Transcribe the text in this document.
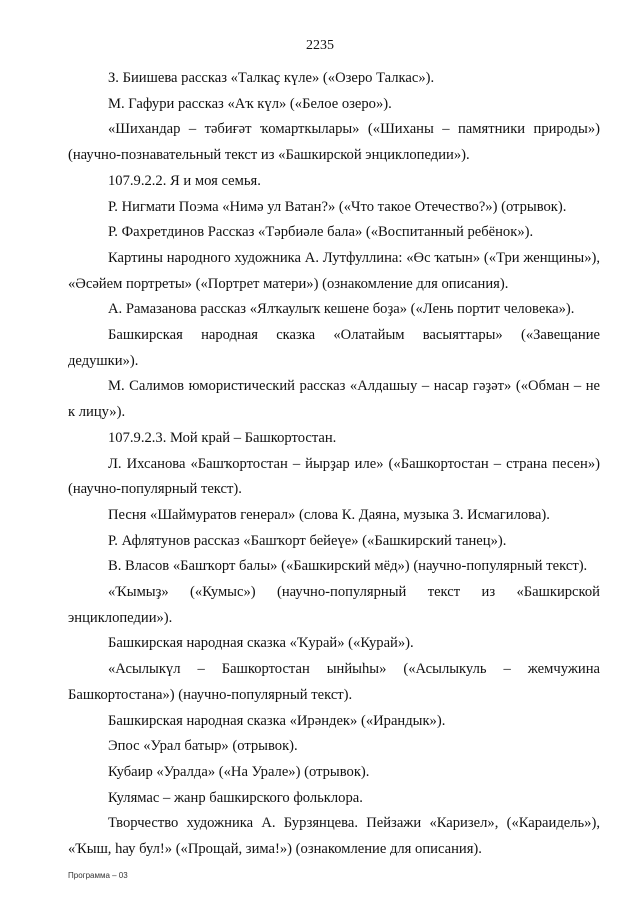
2235

З. Биишева рассказ «Талкаҫ күле» («Озеро Талкас»).

М. Гафури рассказ «Аҡ күл» («Белое озеро»).

«Шихандар – тәбиғәт ҡомарткылары» («Шиханы – памятники природы») (научно-познавательный текст из «Башкирской энциклопедии»).

107.9.2.2. Я и моя семья.

Р. Нигмати Поэма «Нимә ул Ватан?» («Что такое Отечество?») (отрывок).

Р. Фахретдинов Рассказ «Тәрбиәле бала» («Воспитанный ребёнок»).

Картины народного художника А. Лутфуллина: «Өс ҡатын» («Три женщины»), «Әсәйем портреты» («Портрет матери») (ознакомление для описания).

А. Рамазанова рассказ «Ялҡаулыҡ кешене боҙа» («Лень портит человека»).

Башкирская народная сказка «Олатайым васыяттары» («Завещание дедушки»).

М. Салимов юмористический рассказ «Алдашыу – насар гәҙәт» («Обман – не к лицу»).

107.9.2.3. Мой край – Башкортостан.

Л. Ихсанова «Башҡортостан – йырҙар иле» («Башкортостан – страна песен») (научно-популярный текст).

Песня «Шаймуратов генерал» (слова К. Даяна, музыка З. Исмагилова).

Р. Афлятунов рассказ «Башҡорт бейеүе» («Башкирский танец»).

В. Власов «Башҡорт балы» («Башкирский мёд») (научно-популярный текст).

«Ҡымыҙ» («Кумыс») (научно-популярный текст из «Башкирской энциклопедии»).

Башкирская народная сказка «Ҡурай» («Курай»).

«Асылыкүл – Башкортостан ынйыһы» («Асылыкуль – жемчужина Башкортостана») (научно-популярный текст).

Башкирская народная сказка «Ирәндек» («Ирандык»).

Эпос «Урал батыр» (отрывок).

Кубаир «Уралда» («На Урале») (отрывок).

Кулямас – жанр башкирского фольклора.

Творчество художника А. Бурзянцева. Пейзажи «Каризел», («Караидель»), «Ҡыш, һау бул!» («Прощай, зима!») (ознакомление для описания).

Программа – 03
